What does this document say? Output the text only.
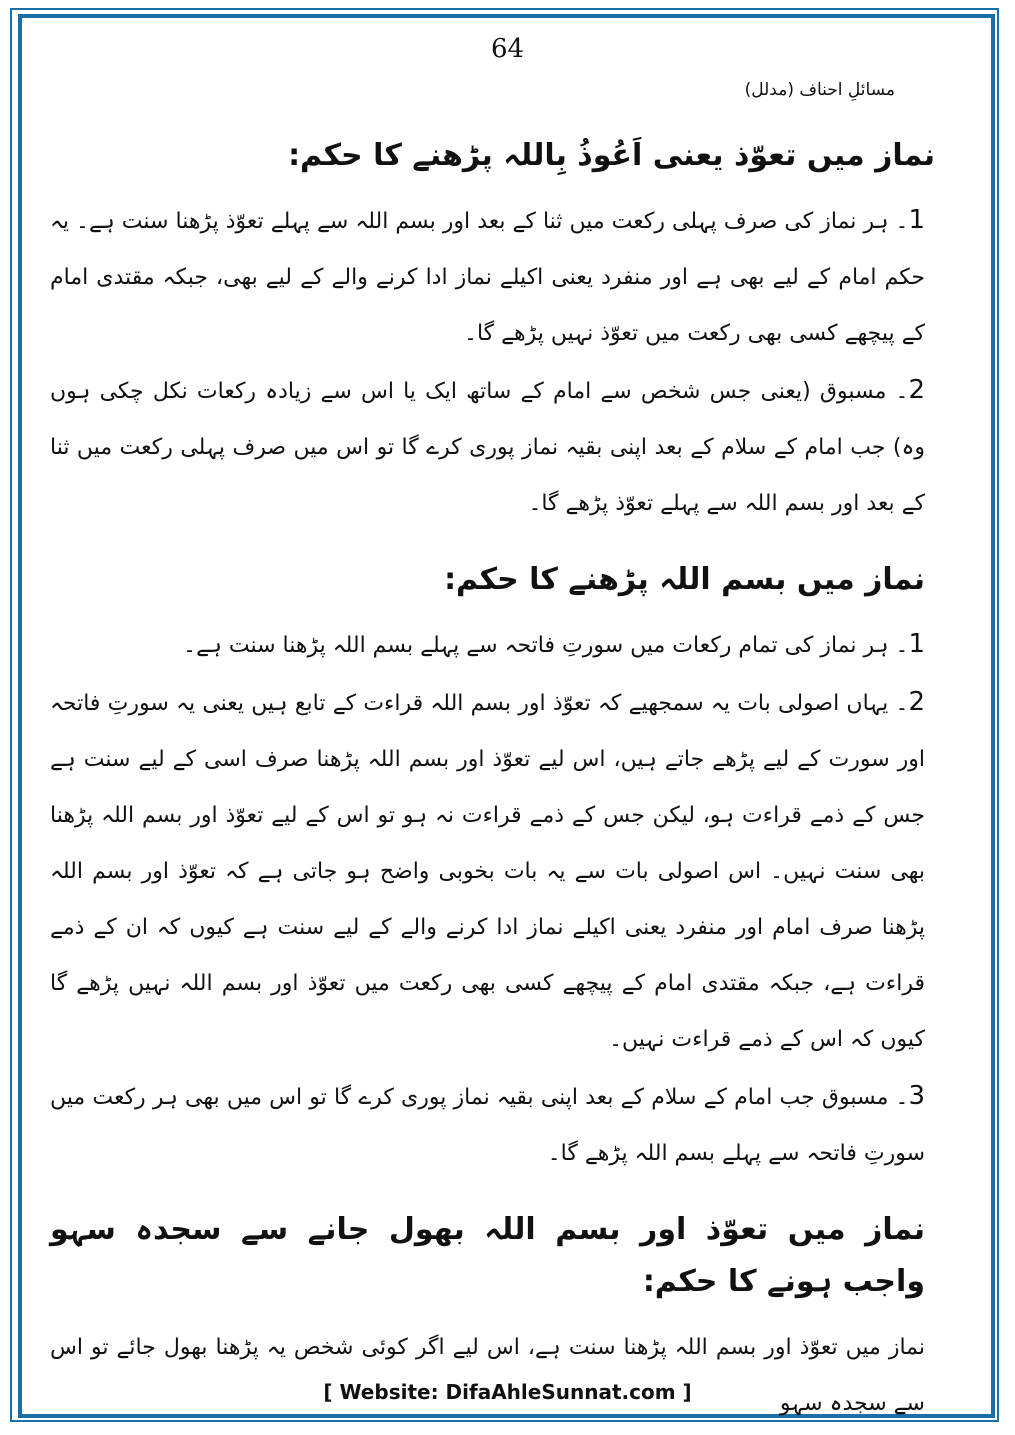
64
مسائلِ احناف (مدلل)
نماز میں تعوّذ یعنی اَعُوذُ بِاللہ پڑھنے کا حکم:

1۔ ہر نماز کی صرف پہلی رکعت میں ثنا کے بعد اور بسم اللہ سے پہلے تعوّذ پڑھنا سنت ہے۔ یہ حکم امام کے لیے بھی ہے اور منفرد یعنی اکیلے نماز ادا کرنے والے کے لیے بھی، جبکہ مقتدی امام کے پیچھے کسی بھی رکعت میں تعوّذ نہیں پڑھے گا۔

2۔ مسبوق (یعنی جس شخص سے امام کے ساتھ ایک یا اس سے زیادہ رکعات نکل چکی ہوں وہ) جب امام کے سلام کے بعد اپنی بقیہ نماز پوری کرے گا تو اس میں صرف پہلی رکعت میں ثنا کے بعد اور بسم اللہ سے پہلے تعوّذ پڑھے گا۔

نماز میں بسم اللہ پڑھنے کا حکم:

1۔ ہر نماز کی تمام رکعات میں سورتِ فاتحہ سے پہلے بسم اللہ پڑھنا سنت ہے۔

2۔ یہاں اصولی بات یہ سمجھیے کہ تعوّذ اور بسم اللہ قراءت کے تابع ہیں یعنی یہ سورتِ فاتحہ اور سورت کے لیے پڑھے جاتے ہیں، اس لیے تعوّذ اور بسم اللہ پڑھنا صرف اسی کے لیے سنت ہے جس کے ذمے قراءت ہو، لیکن جس کے ذمے قراءت نہ ہو تو اس کے لیے تعوّذ اور بسم اللہ پڑھنا بھی سنت نہیں۔ اس اصولی بات سے یہ بات بخوبی واضح ہو جاتی ہے کہ تعوّذ اور بسم اللہ پڑھنا صرف امام اور منفرد یعنی اکیلے نماز ادا کرنے والے کے لیے سنت ہے کیوں کہ ان کے ذمے قراءت ہے، جبکہ مقتدی امام کے پیچھے کسی بھی رکعت میں تعوّذ اور بسم اللہ نہیں پڑھے گا کیوں کہ اس کے ذمے قراءت نہیں۔

3۔ مسبوق جب امام کے سلام کے بعد اپنی بقیہ نماز پوری کرے گا تو اس میں بھی ہر رکعت میں سورتِ فاتحہ سے پہلے بسم اللہ پڑھے گا۔

نماز میں تعوّذ اور بسم اللہ بھول جانے سے سجدہ سہو واجب ہونے کا حکم:

نماز میں تعوّذ اور بسم اللہ پڑھنا سنت ہے، اس لیے اگر کوئی شخص یہ پڑھنا بھول جائے تو اس سے سجدہ سہو

[ Website: DifaAhleSunnat.com ]
